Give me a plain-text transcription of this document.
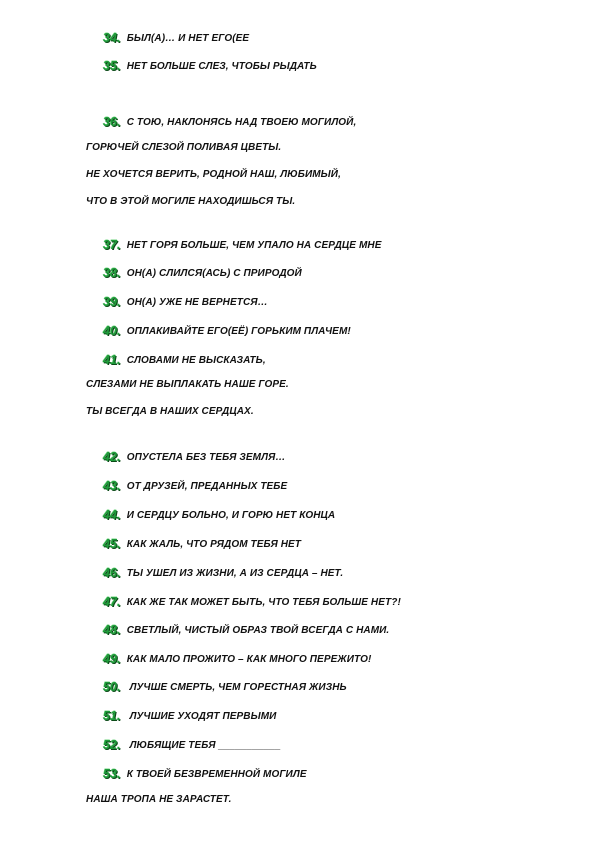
34. БЫЛ(А)… И НЕТ ЕГО(ЕЕ
35. НЕТ БОЛЬШЕ СЛЕЗ, ЧТОБЫ РЫДАТЬ
36. С ТОЮ, НАКЛОНЯСЬ НАД ТВОЕЮ МОГИЛОЙ,
ГОРЮЧЕЙ СЛЕЗОЙ ПОЛИВАЯ ЦВЕТЫ.
НЕ ХОЧЕТСЯ ВЕРИТЬ, РОДНОЙ НАШ, ЛЮБИМЫЙ,
ЧТО В ЭТОЙ МОГИЛЕ НАХОДИШЬСЯ ТЫ.
37. НЕТ ГОРЯ БОЛЬШЕ, ЧЕМ УПАЛО НА СЕРДЦЕ МНЕ
38. ОН(А) СЛИЛСЯ(АСЬ) С ПРИРОДОЙ
39. ОН(А) УЖЕ НЕ ВЕРНЕТСЯ…
40. ОПЛАКИВАЙТЕ ЕГО(ЕЁ) ГОРЬКИМ ПЛАЧЕМ!
41. СЛОВАМИ НЕ ВЫСКАЗАТЬ,
СЛЕЗАМИ НЕ ВЫПЛАКАТЬ НАШЕ ГОРЕ.
ТЫ ВСЕГДА В НАШИХ СЕРДЦАХ.
42. ОПУСТЕЛА БЕЗ ТЕБЯ ЗЕМЛЯ…
43. ОТ ДРУЗЕЙ, ПРЕДАННЫХ ТЕБЕ
44. И СЕРДЦУ БОЛЬНО, И ГОРЮ НЕТ КОНЦА
45. КАК ЖАЛЬ, ЧТО РЯДОМ ТЕБЯ НЕТ
46. ТЫ УШЕЛ ИЗ ЖИЗНИ, А ИЗ СЕРДЦА – НЕТ.
47. КАК ЖЕ ТАК МОЖЕТ БЫТЬ, ЧТО ТЕБЯ БОЛЬШЕ НЕТ?!
48. СВЕТЛЫЙ, ЧИСТЫЙ ОБРАЗ ТВОЙ ВСЕГДА С НАМИ.
49. КАК МАЛО ПРОЖИТО – КАК МНОГО ПЕРЕЖИТО!
50. ЛУЧШЕ СМЕРТЬ, ЧЕМ ГОРЕСТНАЯ ЖИЗНЬ
51. ЛУЧШИЕ УХОДЯТ ПЕРВЫМИ
52. ЛЮБЯЩИЕ ТЕБЯ ___________
53. К ТВОЕЙ БЕЗВРЕМЕННОЙ МОГИЛЕ
НАША ТРОПА НЕ ЗАРАСТЕТ.
